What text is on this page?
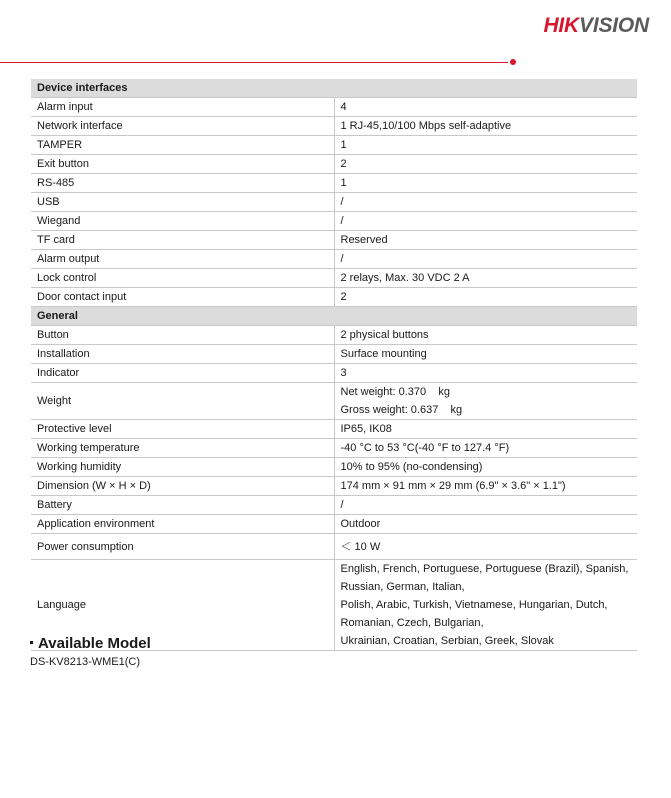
HIKVISION
Device interfaces	
Alarm input	4
Network interface	1 RJ-45,10/100 Mbps self-adaptive
TAMPER	1
Exit button	2
RS-485	1
USB	/
Wiegand	/
TF card	Reserved
Alarm output	/
Lock control	2 relays, Max. 30 VDC 2 A
Door contact input	2
General	
Button	2 physical buttons
Installation	Surface mounting
Indicator	3
Weight	Net weight: 0.370    kg
Gross weight: 0.637    kg

Protective level	IP65, IK08
Working temperature	-40 °C to 53 °C(-40 °F to 127.4 °F)
Working humidity	10% to 95% (no-condensing)
Dimension (W × H × D)	174 mm × 91 mm × 29 mm (6.9" × 3.6" × 1.1")
Battery	/
Application environment	Outdoor
Power consumption	＜ 10 W
Language	English, French, Portuguese, Portuguese (Brazil), Spanish, Russian, German, Italian,
Polish, Arabic, Turkish, Vietnamese, Hungarian, Dutch, Romanian, Czech, Bulgarian,
Ukrainian, Croatian, Serbian, Greek, Slovak
Available Model
DS-KV8213-WME1(C)
